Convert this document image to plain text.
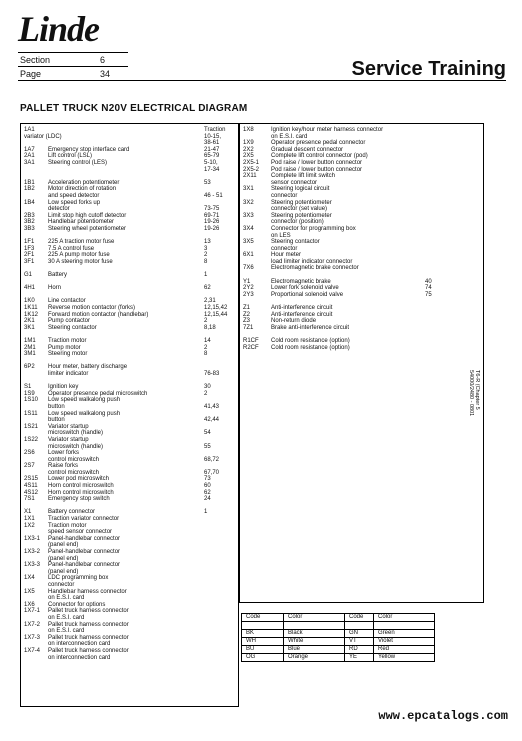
Linde
Section	6
Page	34	Service Training
PALLET TRUCK N20V ELECTRICAL DIAGRAM
1A1	Traction
variator (LDC)	10-15,
38-61
1A7 Emergency stop interface card	21-47
2A1 Lift control (LSL)	65-79
3A1 Steering control (LES)	5-10,
17-34
1B1 Acceleration potentiometer	53
1B2 Motor direction of rotation
and speed detector	46 - 51
1B4 Low speed forks up
detector	73-75
2B3 Limit stop high cutoff detector	69-71
3B2 Handlebar potentiometer	19-26
3B3 Steering wheel potentiometer	19-26
1F1 225 A traction motor fuse	13
1F3 7.5 A control fuse	3
2F1 225 A pump motor fuse	2
3F1 30 A steering motor fuse	8
G1	Battery	1
4H1 Horn	62
1K0 Line contactor	2,31
1K11 Reverse motion contactor (forks)	12,15,42
1K12 Forward motion contactor (handlebar)	12,15,44
2K1 Pump contactor	2
3K1 Steering contactor	8,18
1M1 Traction motor	14
2M1 Pump motor	2
3M1 Steering motor	8
6P2 Hour meter, battery discharge
limiter indicator	76-83
S1	Ignition key	30
1S9 Operator presence pedal microswitch	2
1S10 Low speed walkalong push
button	41,43
1S11 Low speed walkalong push
button	42,44
1S21 Variator startup
microswitch (handle)	54
1S22 Variator startup
microswitch (handle)	55
2S6 Lower forks
control microswitch	68,72
2S7 Raise forks
control microswitch	67,70
2S15 Lower pod microswitch	73
4S11 Horn control microswitch	60
4S12 Horn control microswitch	62
7S1 Emergency stop switch	24
X1	Battery connector	1
1X1 Traction variator connector
1X2 Traction motor
speed sensor connector
1X3-1 Panel-handlebar connector
(panel end)
1X3-2 Panel-handlebar connector
(panel end)
1X3-3 Panel-handlebar connector
(panel end)
1X4 LDC programming box
connector
1X5 Handlebar harness connector
on E.S.I. card
1X6 Connector for options
1X7-1 Pallet truck harness connector
on E.S.I. card
1X7-2 Pallet truck harness connector
on E.S.I. card
1X7-3 Pallet truck harness connector
on interconnection card
1X7-4 Pallet truck harness connector
on interconnection card
1X8	Ignition key/hour meter harness connector
on E.S.I. card
1X9	Operator presence pedal connector
2X2	Gradual descent connector
2X5	Complete lift control connector (pod)
2X5-1 Pod raise / lower button connector
2X5-2 Pod raise / lower button connector
2X11 Complete lift limit switch
sensor connector
3X1	Steering logical circuit
connector
3X2	Steering potentiometer
connector (set value)
3X3	Steering potentiometer
connector (position)
3X4	Connector for programming box
on LES
3X5	Steering contactor
connector
6X1	Hour meter
load limiter indicator connector
7X6	Electromagnetic brake connector
Y1	Electromagnetic brake	40
2Y2	Lower fork solenoid valve	74
2Y3	Proportional solenoid valve	75
Z1	Anti-interference circuit
Z2	Anti-interference circuit
Z3	Non-return diode
7Z1	Brake anti-interference circuit
R1CF Cold room resistance (option)
R2CF Cold room resistance (option)
Code	Color	Code	Color

BK	Black	GN	Green
WH	White	VT	Violet
BU	Blue	RD	Red
OG	Orange	YE	Yellow
T6-R (Chapter 5
54000/2480 - 0801
www.epcatalogs.com
